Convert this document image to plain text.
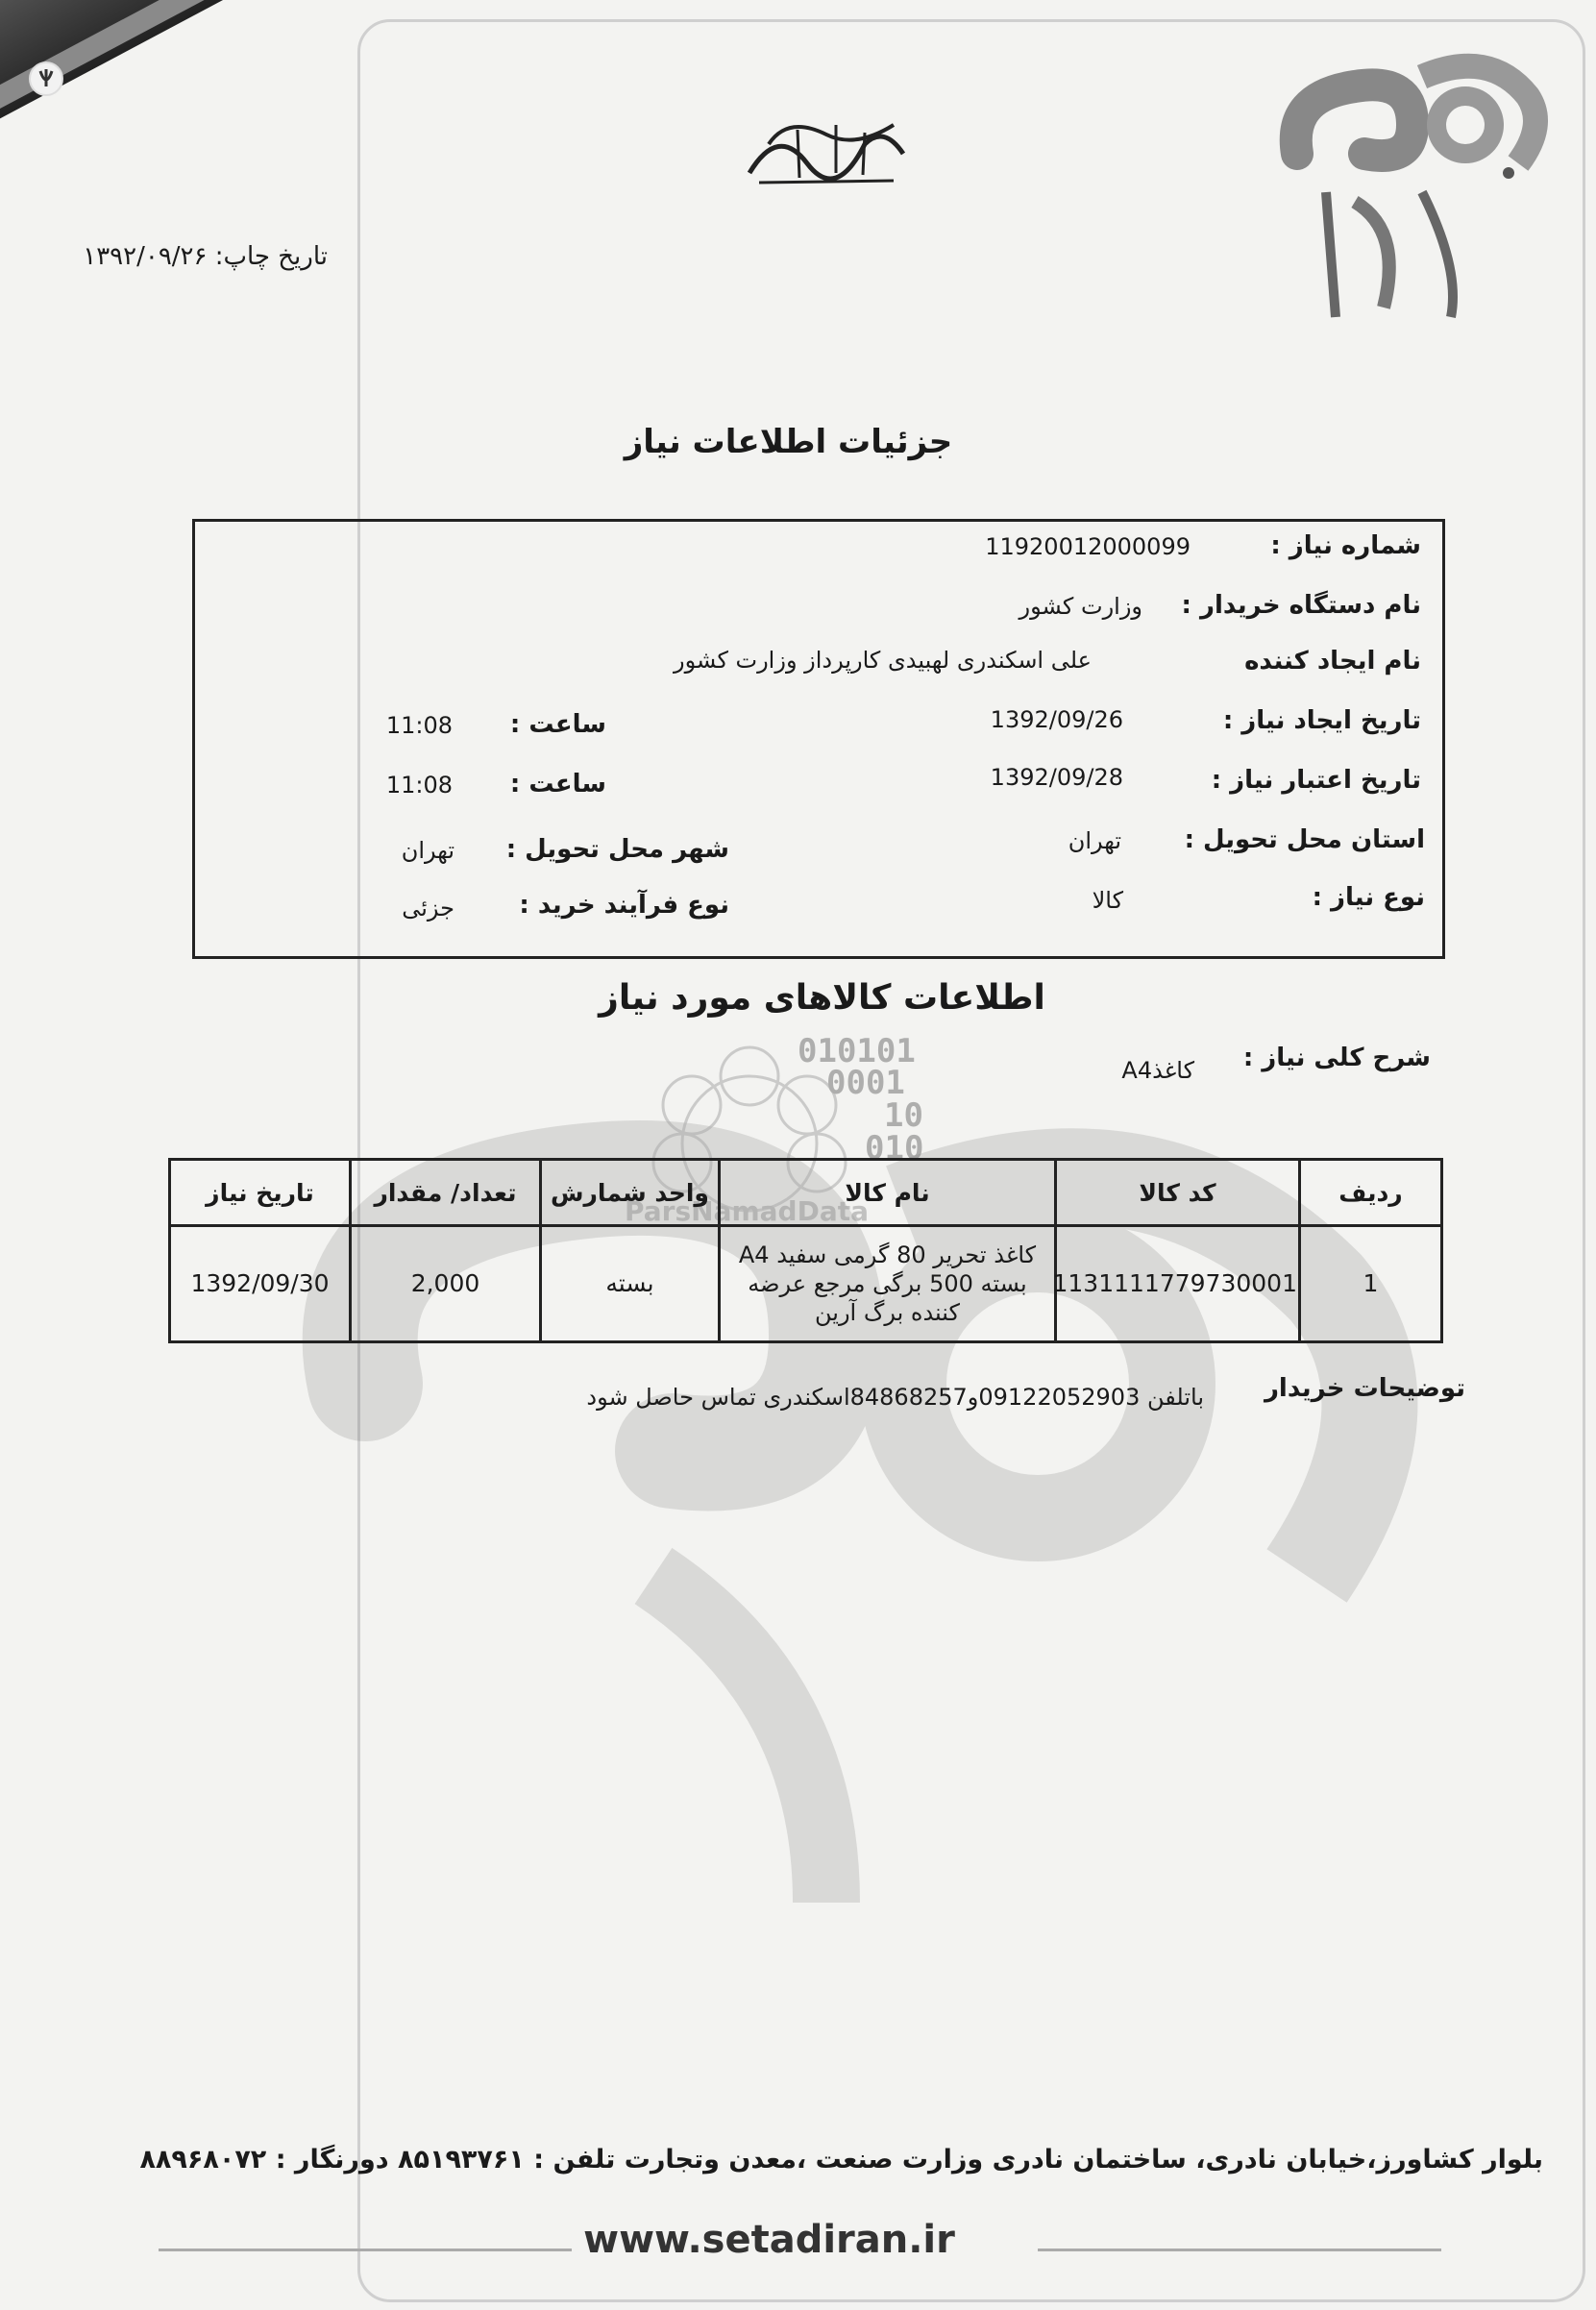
010101
0001
10
010
ParsNamadData
تاریخ چاپ: ۱۳۹۲/۰۹/۲۶
جزئیات اطلاعات نیاز
شماره نیاز :
11920012000099
نام دستگاه خریدار :
وزارت کشور
نام ایجاد کننده
علی اسکندری لهبیدی کارپرداز وزارت کشور
تاریخ ایجاد نیاز :
1392/09/26
ساعت :
11:08
تاریخ اعتبار نیاز :
1392/09/28
ساعت :
11:08
استان محل تحویل :
تهران
شهر محل تحویل :
تهران
نوع نیاز :
کالا
نوع فرآیند خرید :
جزئی
اطلاعات کالاهای مورد نیاز
شرح کلی نیاز :
کاغذA4
ردیف	کد کالا	نام کالا	واحد شمارش	تعداد/ مقدار	تاریخ نیاز
1	1131111779730001	کاغذ تحریر 80 گرمی سفید A4 بسته 500 برگی مرجع عرضه کننده برگ آرین	بسته	2,000	1392/09/30
توضیحات خریدار
باتلفن 09122052903و84868257اسکندری تماس حاصل شود
بلوار کشاورز،خیابان نادری، ساختمان نادری وزارت صنعت ،معدن وتجارت تلفن : ۸۵۱۹۳۷۶۱ دورنگار : ۸۸۹۶۸۰۷۲
www.setadiran.ir
